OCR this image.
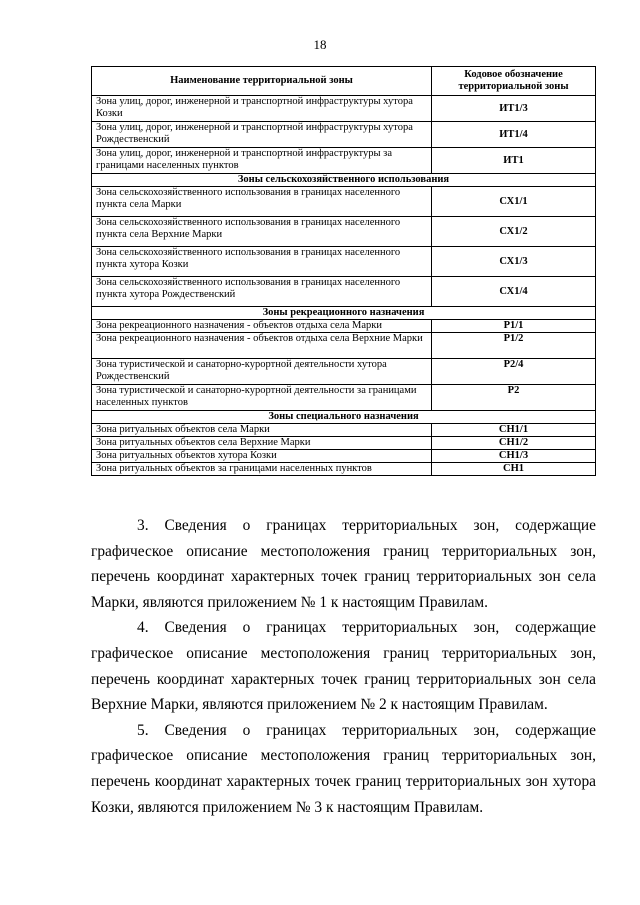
18
Наименование территориальной зоны	Кодовое обозначение территориальной зоны
Зона улиц, дорог, инженерной и транспортной инфраструктуры хутора Козки	ИТ1/3
Зона улиц, дорог, инженерной и транспортной инфраструктуры хутора Рождественский	ИТ1/4
Зона улиц, дорог, инженерной и транспортной инфраструктуры за границами населенных пунктов	ИТ1
Зоны сельскохозяйственного использования	
Зона сельскохозяйственного использования в границах населенного пункта села Марки	СХ1/1
Зона сельскохозяйственного использования в границах населенного пункта села Верхние Марки	СХ1/2
Зона сельскохозяйственного использования в границах населенного пункта хутора Козки	СХ1/3
Зона сельскохозяйственного использования в границах населенного пункта хутора Рождественский	СХ1/4
Зоны рекреационного назначения	
Зона рекреационного назначения - объектов отдыха села Марки	Р1/1
Зона рекреационного назначения - объектов отдыха села Верхние Марки	Р1/2
Зона туристической и санаторно-курортной деятельности хутора Рождественский	Р2/4
Зона туристической и санаторно-курортной деятельности за границами населенных пунктов	Р2
Зоны специального назначения	
Зона ритуальных объектов села Марки	СН1/1
Зона ритуальных объектов села Верхние Марки	СН1/2
Зона ритуальных объектов хутора Козки	СН1/3
Зона ритуальных объектов за границами населенных пунктов	СН1

3. Сведения о границах территориальных зон, содержащие графическое описание местоположения границ территориальных зон, перечень координат характерных точек границ территориальных зон села Марки, являются приложением № 1 к настоящим Правилам.

4. Сведения о границах территориальных зон, содержащие графическое описание местоположения границ территориальных зон, перечень координат характерных точек границ территориальных зон села Верхние Марки, являются приложением № 2 к настоящим Правилам.

5. Сведения о границах территориальных зон, содержащие графическое описание местоположения границ территориальных зон, перечень координат характерных точек границ территориальных зон хутора Козки, являются приложением № 3 к настоящим Правилам.
